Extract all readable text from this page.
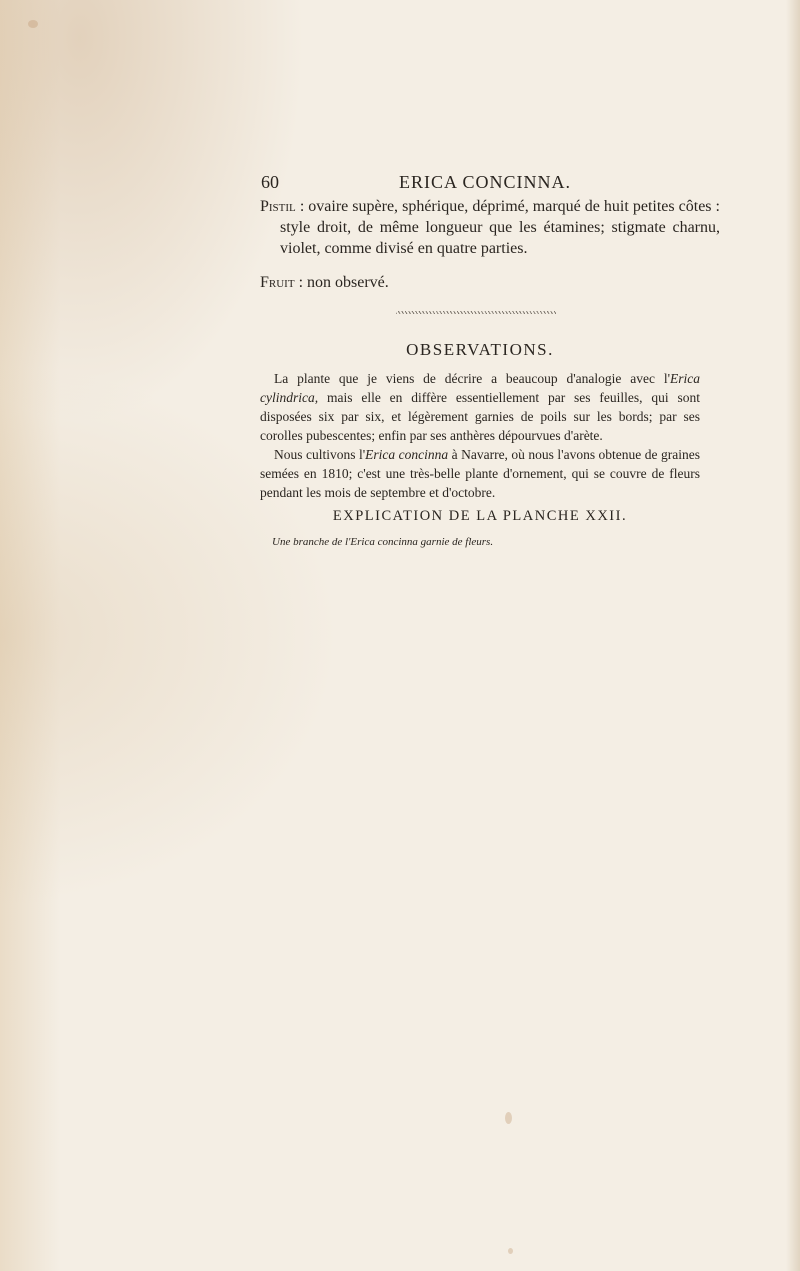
60	ERICA CONCINNA.
Pistil : ovaire supère, sphérique, déprimé, marqué de huit petites côtes : style droit, de même longueur que les étamines; stigmate charnu, violet, comme divisé en quatre parties.
Fruit : non observé.
OBSERVATIONS.

La plante que je viens de décrire a beaucoup d'analogie avec l'Erica cylindrica, mais elle en diffère essentiellement par ses feuilles, qui sont disposées six par six, et légèrement garnies de poils sur les bords; par ses corolles pubescentes; enfin par ses anthères dépourvues d'arète.

Nous cultivons l'Erica concinna à Navarre, où nous l'avons obtenue de graines semées en 1810; c'est une très-belle plante d'ornement, qui se couvre de fleurs pendant les mois de septembre et d'octobre.

EXPLICATION DE LA PLANCHE XXII.
Une branche de l'Erica concinna garnie de fleurs.
